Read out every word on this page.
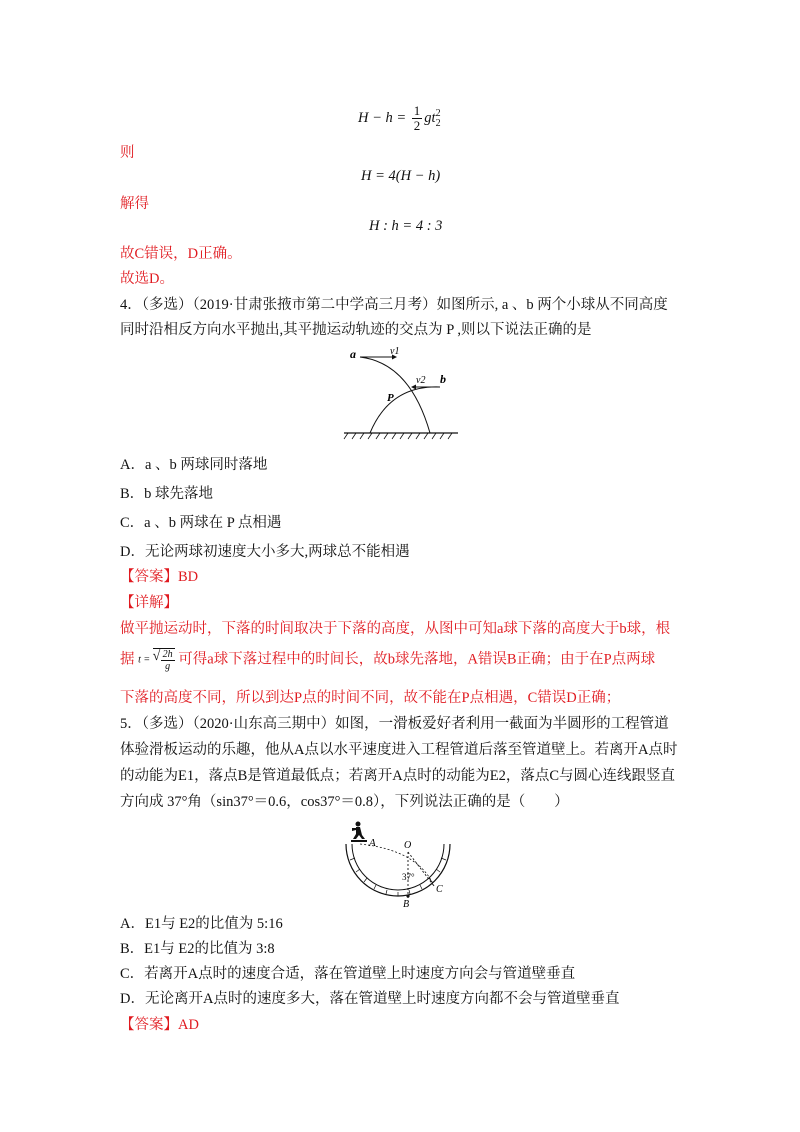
$H - h = \frac{1}{2}$ gt 2
2
则
H = 4(H − h)
解得
H : h = 4 : 3
故C错误，D正确。
故选D。
4．（多选）（2019·甘肃张掖市第二中学高三月考）如图所示, a 、b 两个小球从不同高度
同时沿相反方向水平抛出,其平抛运动轨迹的交点为 P ,则以下说法正确的是
a	v1
v2 b
P
A．a 、b 两球同时落地
B．b 球先落地
C．a 、b 两球在 P 点相遇
D．无论两球初速度大小多大,两球总不能相遇
【答案】BD
【详解】
做平抛运动时，下落的时间取决于下落的高度，从图中可知a球下落的高度大于b球，根
据 t = √ $\frac{2h}{g}$ 可得a球下落过程中的时间长，故b球先落地，A错误B正确；由于在P点两球
下落的高度不同，所以到达P点的时间不同，故不能在P点相遇，C错误D正确；
5．（多选）（2020·山东高三期中）如图，一滑板爱好者利用一截面为半圆形的工程管道
体验滑板运动的乐趣，他从A点以水平速度进入工程管道后落至管道壁上。若离开A点时
的动能为E1，落点B是管道最低点；若离开A点时的动能为E2，落点C与圆心连线跟竖直
方向成 37°角（sin37°＝0.6，cos37°＝0.8），下列说法正确的是（　　）
A	O
37°
B
C
A．E1与 E2的比值为 5:16
B．E1与 E2的比值为 3:8
C．若离开A点时的速度合适，落在管道壁上时速度方向会与管道壁垂直
D．无论离开A点时的速度多大，落在管道壁上时速度方向都不会与管道壁垂直
【答案】AD
